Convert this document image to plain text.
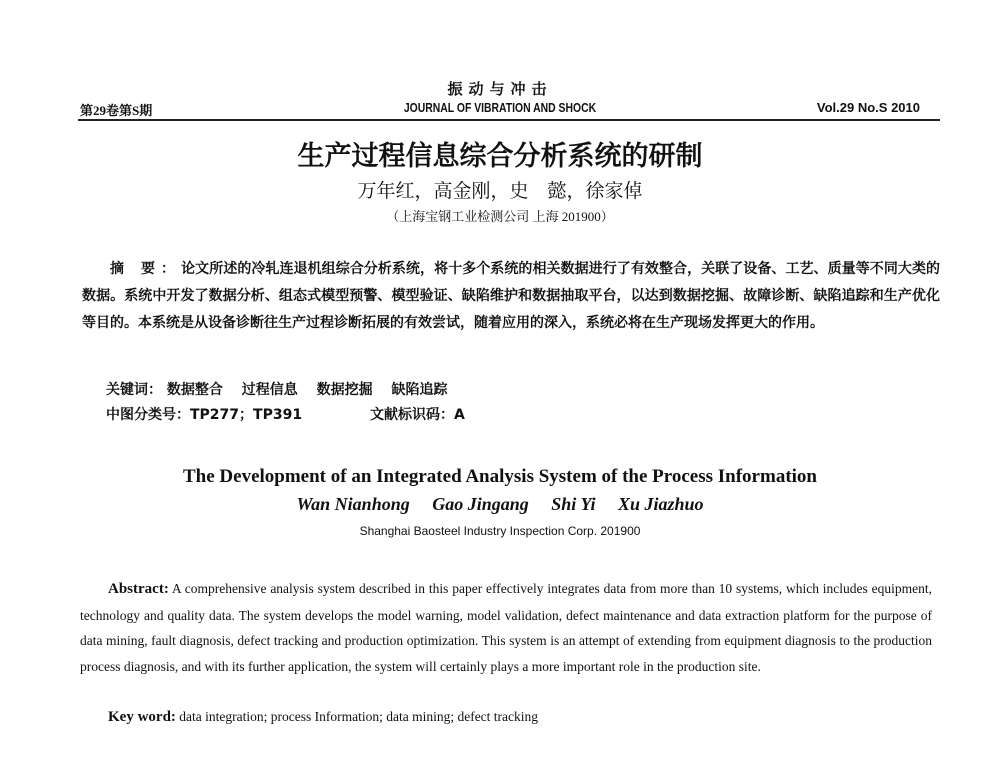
振动与冲击
第29卷第S期	JOURNAL OF VIBRATION AND SHOCK	Vol.29 No.S 2010
生产过程信息综合分析系统的研制
万年红，高金刚，史　懿，徐家倬
（上海宝钢工业检测公司 上海 201900）
摘 要：论文所述的冷轧连退机组综合分析系统，将十多个系统的相关数据进行了有效整合，关联了设备、工艺、质量等不同大类的数据。系统中开发了数据分析、组态式模型预警、模型验证、缺陷维护和数据抽取平台，以达到数据挖掘、故障诊断、缺陷追踪和生产优化等目的。本系统是从设备诊断往生产过程诊断拓展的有效尝试，随着应用的深入，系统必将在生产现场发挥更大的作用。
关键词： 数据整合 过程信息 数据挖掘 缺陷追踪
中图分类号：TP277；TP391	文献标识码：A
The Development of an Integrated Analysis System of the Process Information
Wan Nianhong Gao Jingang Shi Yi Xu Jiazhuo
Shanghai Baosteel Industry Inspection Corp. 201900
Abstract: A comprehensive analysis system described in this paper effectively integrates data from more than 10 systems, which includes equipment, technology and quality data. The system develops the model warning, model validation, defect maintenance and data extraction platform for the purpose of data mining, fault diagnosis, defect tracking and production optimization. This system is an attempt of extending from equipment diagnosis to the production process diagnosis, and with its further application, the system will certainly plays a more important role in the production site.
Key word: data integration; process Information; data mining; defect tracking
